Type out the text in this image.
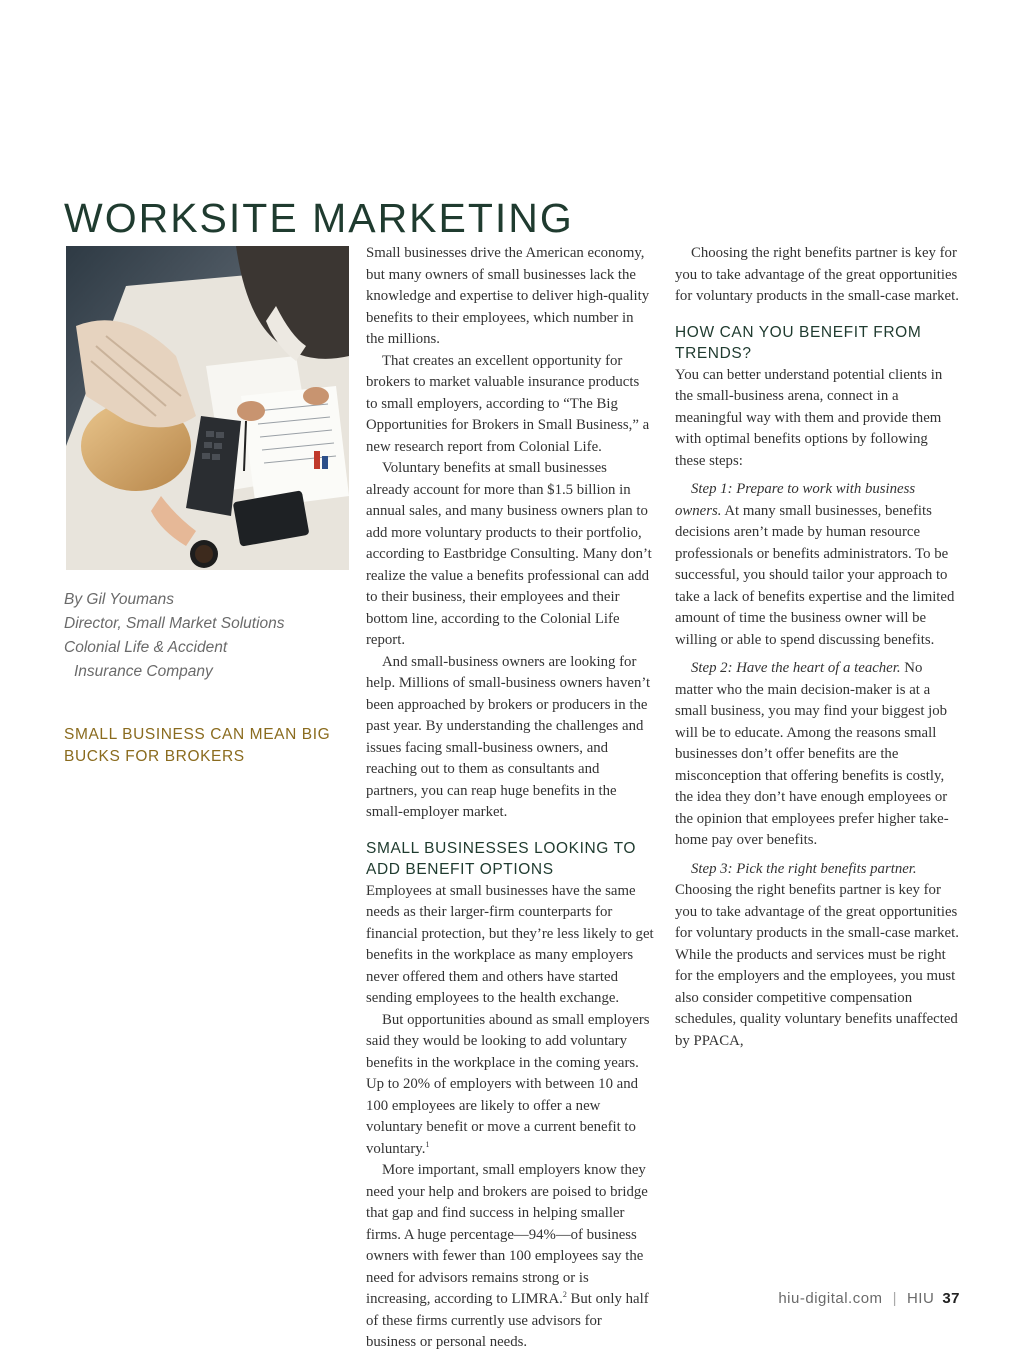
WORKSITE MARKETING
By Gil Youmans
Director, Small Market Solutions
Colonial Life & Accident
Insurance Company
SMALL BUSINESS CAN MEAN BIG BUCKS FOR BROKERS

Small businesses drive the American economy, but many owners of small businesses lack the knowledge and expertise to deliver high-quality benefits to their employees, which number in the millions.

That creates an excellent opportunity for brokers to market valuable insurance products to small employers, according to “The Big Opportunities for Brokers in Small Business,” a new research report from Colonial Life.

Voluntary benefits at small businesses already account for more than $1.5 billion in annual sales, and many business owners plan to add more voluntary products to their portfolio, according to Eastbridge Consulting. Many don’t realize the value a benefits professional can add to their business, their employees and their bottom line, according to the Colonial Life report.

And small-business owners are looking for help. Millions of small-business owners haven’t been approached by brokers or producers in the past year. By understanding the challenges and issues facing small-business owners, and reaching out to them as consultants and partners, you can reap huge benefits in the small-employer market.

SMALL BUSINESSES LOOKING TO ADD BENEFIT OPTIONS

Employees at small businesses have the same needs as their larger-firm counterparts for financial protection, but they’re less likely to get benefits in the workplace as many employers never offered them and others have started sending employees to the health exchange.

But opportunities abound as small employers said they would be looking to add voluntary benefits in the workplace in the coming years. Up to 20% of employers with between 10 and 100 employees are likely to offer a new voluntary benefit or move a current benefit to voluntary.$^1$

More important, small employers know they need your help and brokers are poised to bridge that gap and find success in helping smaller firms. A huge percentage—94%—of business owners with fewer than 100 employees say the need for advisors remains strong or is increasing, according to LIMRA.$^2$ But only half of these firms currently use advisors for business or personal needs.

Choosing the right benefits partner is key for you to take advantage of the great opportunities for voluntary products in the small-case market.

HOW CAN YOU BENEFIT FROM TRENDS?

You can better understand potential clients in the small-business arena, connect in a meaningful way with them and provide them with optimal benefits options by following these steps:

Step 1: Prepare to work with business owners. At many small businesses, benefits decisions aren’t made by human resource professionals or benefits administrators. To be successful, you should tailor your approach to take a lack of benefits expertise and the limited amount of time the business owner will be willing or able to spend discussing benefits.

Step 2: Have the heart of a teacher. No matter who the main decision-maker is at a small business, you may find your biggest job will be to educate. Among the reasons small businesses don’t offer benefits are the misconception that offering benefits is costly, the idea they don’t have enough employees or the opinion that employees prefer higher take-home pay over benefits.

Step 3: Pick the right benefits partner. Choosing the right benefits partner is key for you to take advantage of the great opportunities for voluntary products in the small-case market. While the products and services must be right for the employers and the employees, you must also consider competitive compensation schedules, quality voluntary benefits unaffected by PPACA,

hiu-digital.com | HIU 37
